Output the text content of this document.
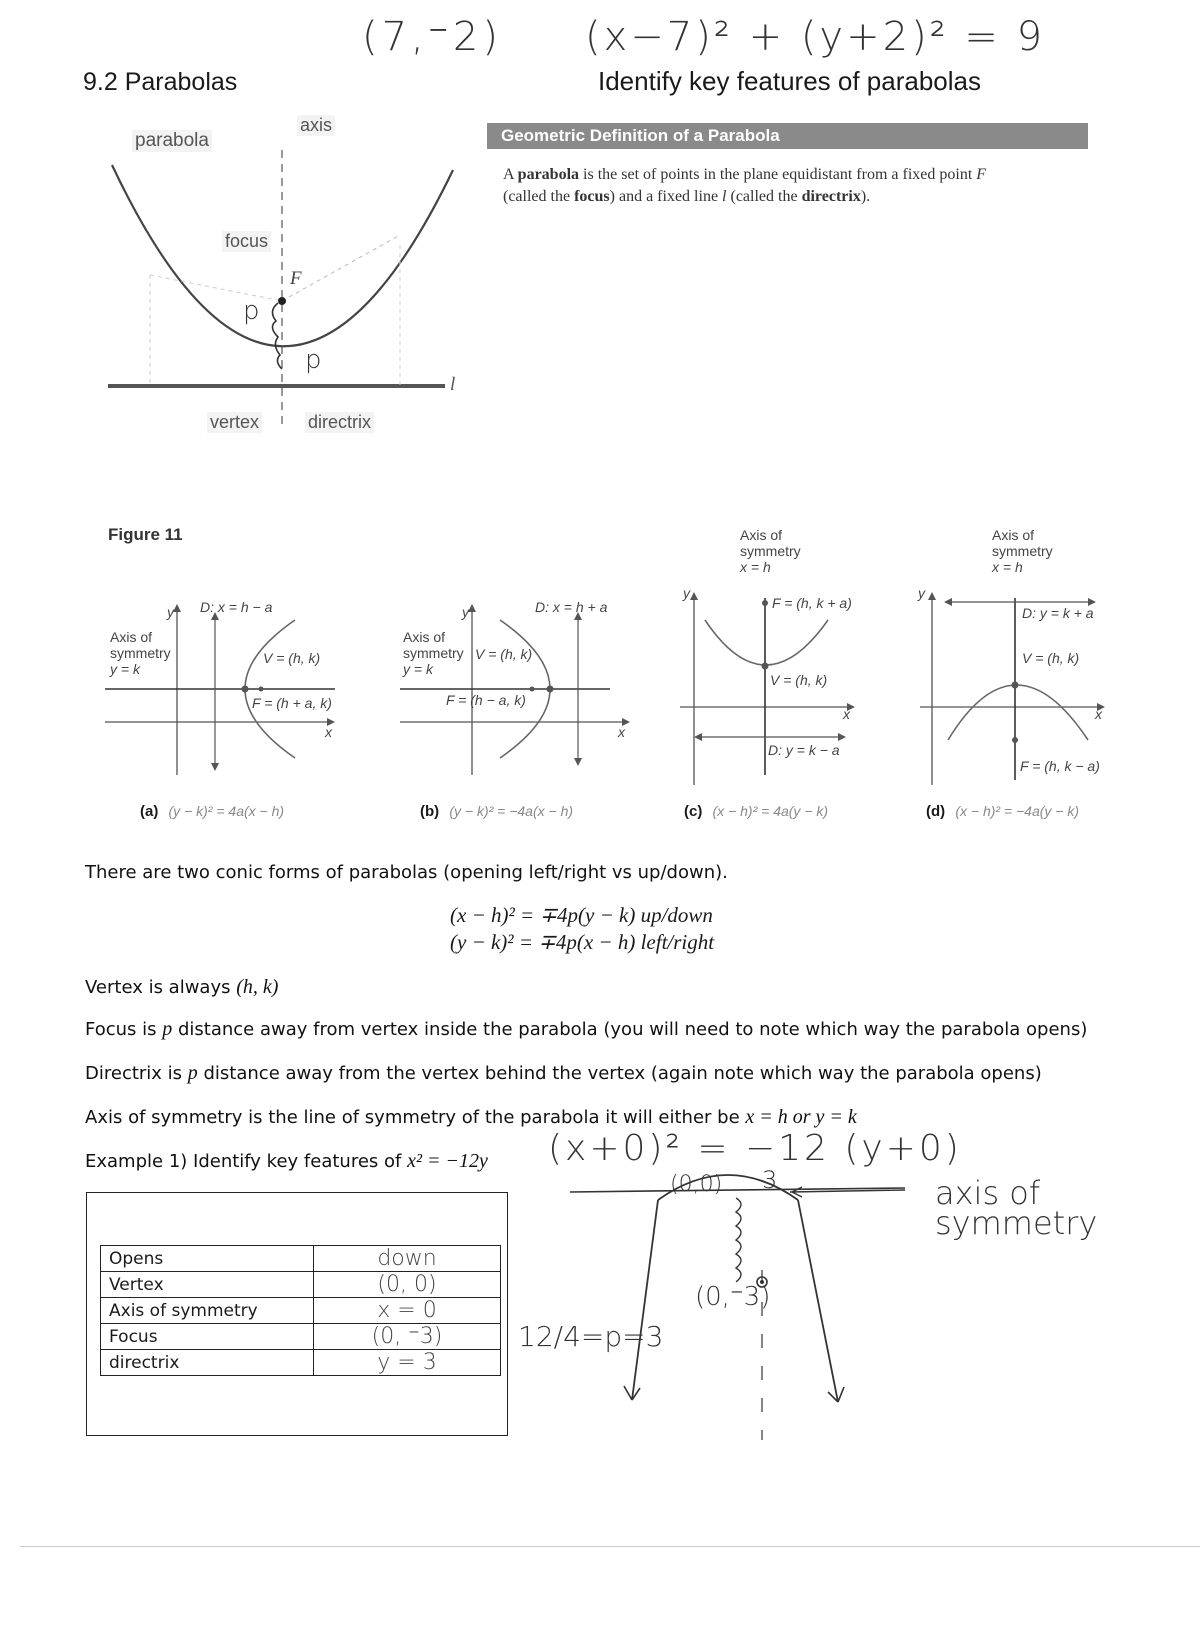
(7,⁻2) (x−7)² + (y+2)² = 9
9.2 Parabolas	Identify key features of parabolas
parabola
axis
focus
F
vertex	directrix
l
p
p
Geometric Definition of a Parabola
A parabola is the set of points in the plane equidistant from a fixed point F
(called the focus) and a fixed line l (called the directrix).
Figure 11
Axis of
symmetry
y = k
y D: x = h − a
V = (h, k)
F = (h + a, k)
x
(a) (y − k)² = 4a(x − h)
Axis of
symmetry
y = k
y	D: x = h + a
V = (h, k)
F = (h − a, k)
x
(b) (y − k)² = −4a(x − h)
Axis of
symmetry
x = h
y
F = (h, k + a)
V = (h, k)
x
D: y = k − a
(c) (x − h)² = 4a(y − k)
Axis of
symmetry
x = h
y
D: y = k + a
V = (h, k)
x
F = (h, k − a)
(d) (x − h)² = −4a(y − k)
There are two conic forms of parabolas (opening left/right vs up/down).
(x − h)² = ∓4p(y − k) up/down
(y − k)² = ∓4p(x − h) left/right
Vertex is always (h, k)
Focus is p distance away from vertex inside the parabola (you will need to note which way the parabola opens)
Directrix is p distance away from the vertex behind the vertex (again note which way the parabola opens)
Axis of symmetry is the line of symmetry of the parabola it will either be x = h or y = k
Example 1) Identify key features of x² = −12y (x+0)² = −12 (y+0)
Opens	down
Vertex	(0, 0)
Axis of symmetry	x = 0
Focus	(0, ⁻3)
directrix	y = 3
(0,0) 3
(0,⁻3)
12/4=p=3
axis of symmetry
